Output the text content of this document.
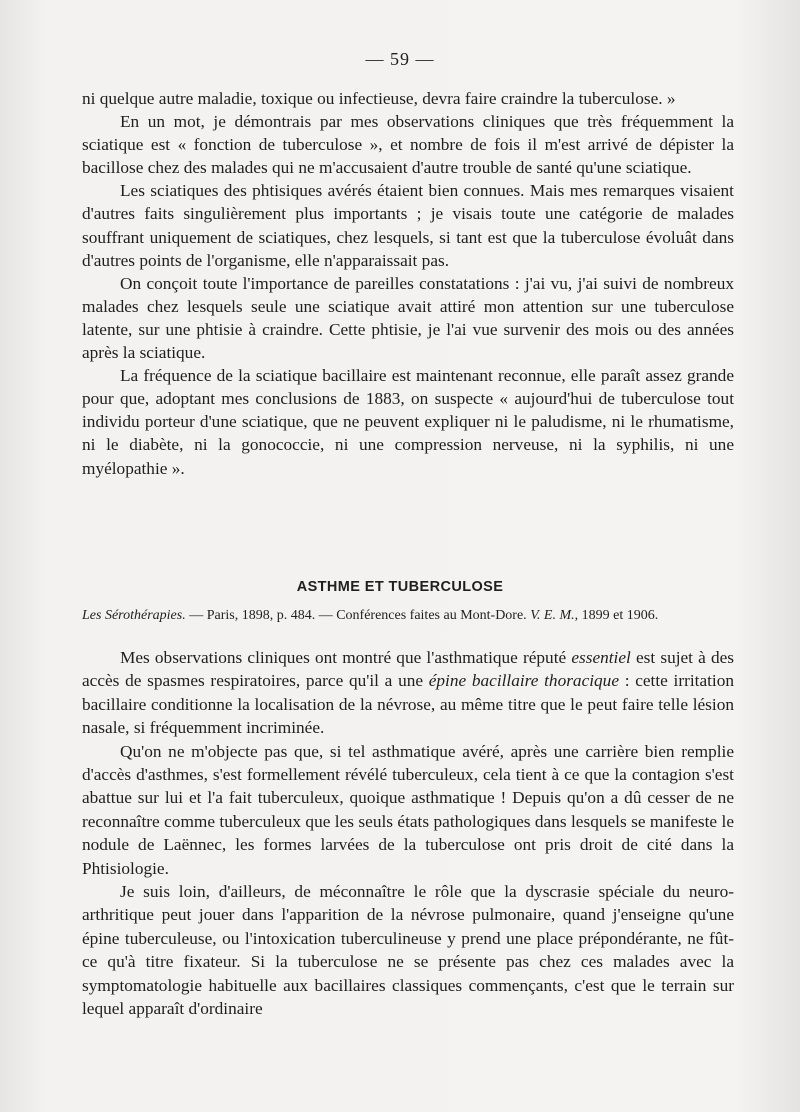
— 59 —

ni quelque autre maladie, toxique ou infectieuse, devra faire craindre la tuberculose. »

En un mot, je démontrais par mes observations cliniques que très fréquemment la sciatique est « fonction de tuberculose », et nombre de fois il m'est arrivé de dépister la bacillose chez des malades qui ne m'accusaient d'autre trouble de santé qu'une sciatique.

Les sciatiques des phtisiques avérés étaient bien connues. Mais mes remarques visaient d'autres faits singulièrement plus importants ; je visais toute une catégorie de malades souffrant uniquement de sciatiques, chez lesquels, si tant est que la tuberculose évoluât dans d'autres points de l'organisme, elle n'apparaissait pas.

On conçoit toute l'importance de pareilles constatations : j'ai vu, j'ai suivi de nombreux malades chez lesquels seule une sciatique avait attiré mon attention sur une tuberculose latente, sur une phtisie à craindre. Cette phtisie, je l'ai vue survenir des mois ou des années après la sciatique.

La fréquence de la sciatique bacillaire est maintenant reconnue, elle paraît assez grande pour que, adoptant mes conclusions de 1883, on suspecte « aujourd'hui de tuberculose tout individu porteur d'une sciatique, que ne peuvent expliquer ni le paludisme, ni le rhumatisme, ni le diabète, ni la gonococcie, ni une compression nerveuse, ni la syphilis, ni une myélopathie ».

ASTHME ET TUBERCULOSE
Les Sérothérapies. — Paris, 1898, p. 484. — Conférences faites au Mont-Dore. V. E. M., 1899 et 1906.

Mes observations cliniques ont montré que l'asthmatique réputé essentiel est sujet à des accès de spasmes respiratoires, parce qu'il a une épine bacillaire thoracique : cette irritation bacillaire conditionne la localisation de la névrose, au même titre que le peut faire telle lésion nasale, si fréquemment incriminée.

Qu'on ne m'objecte pas que, si tel asthmatique avéré, après une carrière bien remplie d'accès d'asthmes, s'est formellement révélé tuberculeux, cela tient à ce que la contagion s'est abattue sur lui et l'a fait tuberculeux, quoique asthmatique ! Depuis qu'on a dû cesser de ne reconnaître comme tuberculeux que les seuls états pathologiques dans lesquels se manifeste le nodule de Laënnec, les formes larvées de la tuberculose ont pris droit de cité dans la Phtisiologie.

Je suis loin, d'ailleurs, de méconnaître le rôle que la dyscrasie spéciale du neuro-arthritique peut jouer dans l'apparition de la névrose pulmonaire, quand j'enseigne qu'une épine tuberculeuse, ou l'intoxication tuberculineuse y prend une place prépondérante, ne fût-ce qu'à titre fixateur. Si la tuberculose ne se présente pas chez ces malades avec la symptomatologie habituelle aux bacillaires classiques commençants, c'est que le terrain sur lequel apparaît d'ordinaire
